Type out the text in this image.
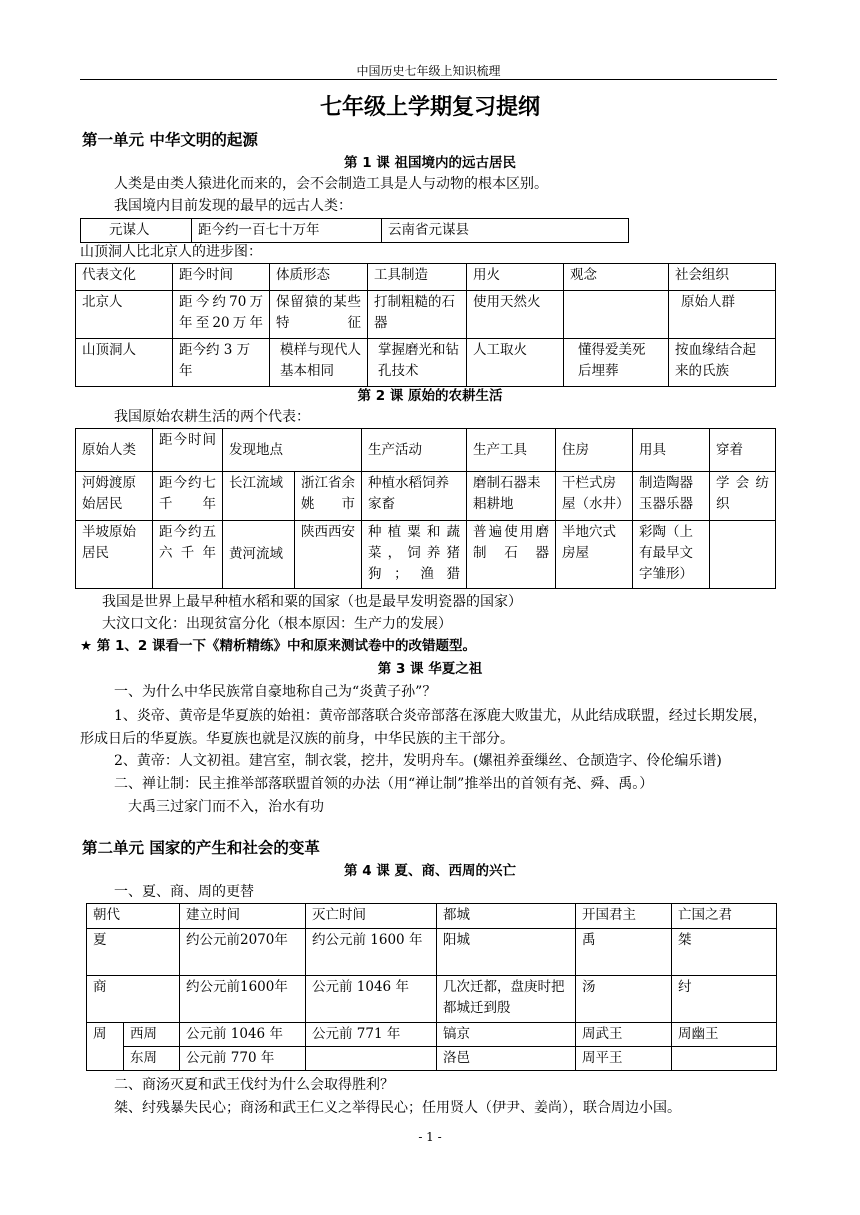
中国历史七年级上知识梳理
七年级上学期复习提纲
第一单元 中华文明的起源
第 1 课 祖国境内的远古居民
人类是由类人猿进化而来的，会不会制造工具是人与动物的根本区别。
我国境内目前发现的最早的远古人类：
元谋人	距今约一百七十万年	云南省元谋县
山顶洞人比北京人的进步图：
代表文化	距今时间	体质形态	工具制造	用火	观念	社会组织
北京人	距今约70万年至20万年	保留猿的某些特征	打制粗糙的石器	使用天然火		原始人群
山顶洞人	距今约 3 万年	模样与现代人基本相同	掌握磨光和钻孔技术	人工取火	懂得爱美死后埋葬	按血缘结合起来的氏族
第 2 课 原始的农耕生活
我国原始农耕生活的两个代表：
原始人类	距今时间	发现地点		生产活动	生产工具	住房	用具	穿着
河姆渡原始居民	距今约七千年	长江流域	浙江省余姚市	种植水稻饲养家畜	磨制石器耒耜耕地	干栏式房屋（水井）	制造陶器玉器乐器	学会纺织
半坡原始居民	距今约五六千年	黄河流域	陕西西安	种植粟和蔬菜，饲养猪狗；渔猎	普遍使用磨制石器	半地穴式房屋	彩陶（上有最早文字雏形）	
我国是世界上最早种植水稻和粟的国家（也是最早发明瓷器的国家）
大汶口文化：出现贫富分化（根本原因：生产力的发展）
★ 第 1、2 课看一下《精析精练》中和原来测试卷中的改错题型。
第 3 课 华夏之祖
一、为什么中华民族常自豪地称自己为“炎黄子孙”？
1、炎帝、黄帝是华夏族的始祖：黄帝部落联合炎帝部落在涿鹿大败蚩尤，从此结成联盟，经过长期发展，形成日后的华夏族。华夏族也就是汉族的前身，中华民族的主干部分。
2、黄帝：人文初祖。建宫室，制衣裳，挖井，发明舟车。(嫘祖养蚕缫丝、仓颉造字、伶伦编乐谱)
二、禅让制：民主推举部落联盟首领的办法（用“禅让制”推举出的首领有尧、舜、禹。）
大禹三过家门而不入，治水有功
第二单元 国家的产生和社会的变革
第 4 课 夏、商、西周的兴亡
一、夏、商、周的更替
朝代		建立时间	灭亡时间	都城	开国君主	亡国之君
夏		约公元前2070年	约公元前 1600 年	阳城	禹	桀
商		约公元前1600年	公元前 1046 年	几次迁都，盘庚时把都城迁到殷	汤	纣
周	西周	公元前 1046 年	公元前 771 年	镐京	周武王	周幽王
	东周	公元前 770 年		洛邑	周平王	
二、商汤灭夏和武王伐纣为什么会取得胜利？
桀、纣残暴失民心；商汤和武王仁义之举得民心；任用贤人（伊尹、姜尚），联合周边小国。
- 1 -
